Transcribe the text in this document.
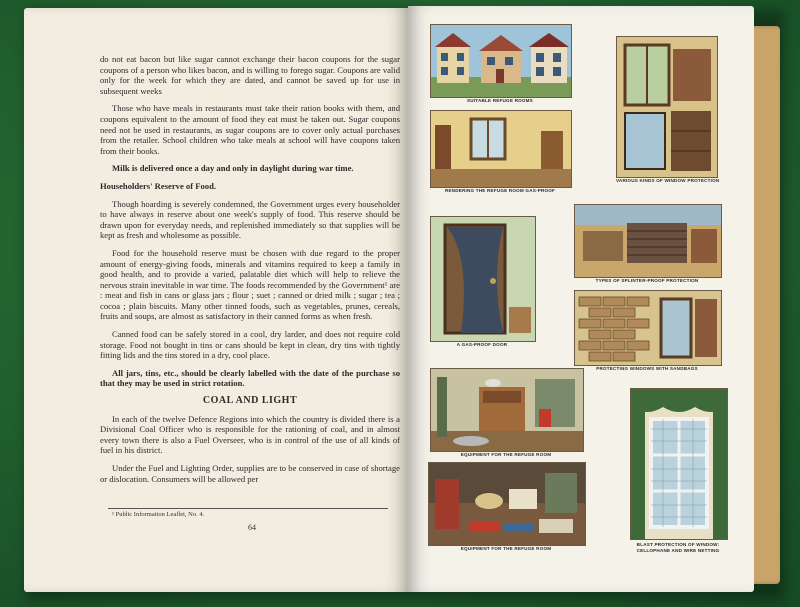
do not eat bacon but like sugar cannot exchange their bacon coupons for the sugar coupons of a person who likes bacon, and is willing to forego sugar. Coupons are valid only for the week for which they are dated, and cannot be saved up for use in subsequent weeks

Those who have meals in restaurants must take their ration books with them, and coupons equivalent to the amount of food they eat must be taken out. Sugar coupons need not be used in restaurants, as sugar coupons are to cover only actual purchases from the retailer. School children who take meals at school will have coupons taken from their books.

Milk is delivered once a day and only in daylight during war time.

Householders' Reserve of Food.

Though hoarding is severely condemned, the Government urges every householder to have always in reserve about one week's supply of food. This reserve should be drawn upon for everyday needs, and replenished immediately so that supplies will be kept as fresh and wholesome as possible.

Food for the household reserve must be chosen with due regard to the proper amount of energy-giving foods, minerals and vitamins required to keep a family in good health, and to provide a varied, palatable diet which will help to relieve the nervous strain inevitable in war time. The foods recommended by the Government¹ are : meat and fish in cans or glass jars ; flour ; suet ; canned or dried milk ; sugar ; tea ; cocoa ; plain biscuits. Many other tinned foods, such as vegetables, prunes, cereals, fruits and soups, are almost as satisfactory in their canned forms as when fresh.

Canned food can be safely stored in a cool, dry larder, and does not require cold storage. Food not bought in tins or cans should be kept in clean, dry tins with tightly fitting lids and the tins stored in a dry, cool place.

All jars, tins, etc., should be clearly labelled with the date of the purchase so that they may be used in strict rotation.

COAL AND LIGHT

In each of the twelve Defence Regions into which the country is divided there is a Divisional Coal Officer who is responsible for the rationing of coal, and in almost every town there is also a Fuel Overseer, who is in control of the use of all kinds of fuel in his district.

Under the Fuel and Lighting Order, supplies are to be conserved in case of shortage or dislocation. Consumers will be allowed per

¹ Public Information Leaflet, No. 4.
64
SUITABLE REFUGE ROOMS
VARIOUS KINDS OF WINDOW PROTECTION
RENDERING THE REFUGE ROOM GAS-PROOF
TYPES OF SPLINTER-PROOF PROTECTION
A GAS-PROOF DOOR
PROTECTING WINDOWS WITH SANDBAGS
EQUIPMENT FOR THE REFUGE ROOM
EQUIPMENT FOR THE REFUGE ROOM
BLAST PROTECTION OF WINDOW: CELLOPHANE AND WIRE NETTING
